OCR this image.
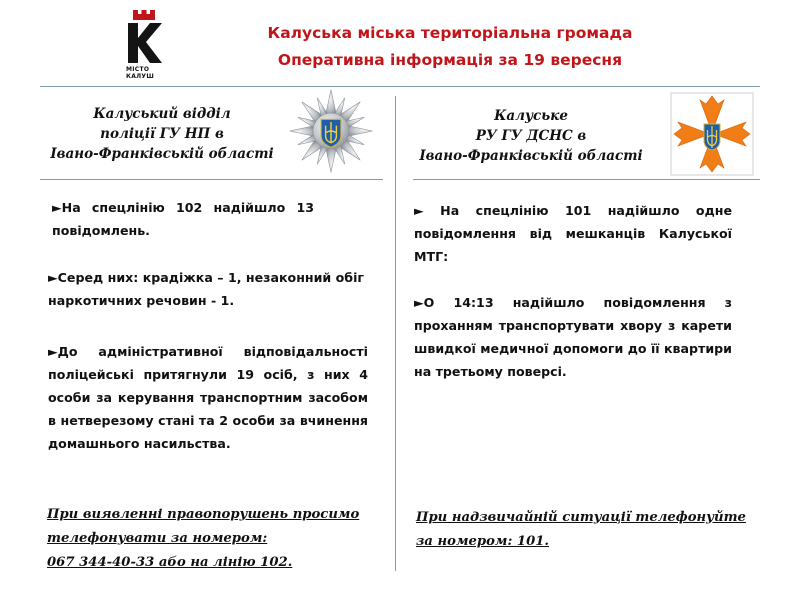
МІСТО
КАЛУШ
Калуська міська територіальна громада
Оперативна інформація за 19 вересня
Калуський відділ
поліції ГУ НП в
Івано-Франківській області
Калуське
РУ ГУ ДСНС в
Івано-Франківській області
►На спецлінію 102 надійшло 13 повідомлень.
►Серед них: крадіжка – 1, незаконний обіг наркотичних речовин - 1.
►До адміністративної відповідальності поліцейські притягнули 19 осіб, з них 4 особи за керування транспортним засобом в нетверезому стані та 2 особи за вчинення домашнього насильства.
► На спецлінію 101 надійшло одне повідомлення від мешканців Калуської МТГ:
►О 14:13 надійшло повідомлення з проханням транспортувати хвору з карети швидкої медичної допомоги до її квартири на третьому поверсі.
При виявленні правопорушень просимо
телефонувати за номером:
067 344-40-33 або на лінію 102.
При надзвичайній ситуації телефонуйте
за номером: 101.
